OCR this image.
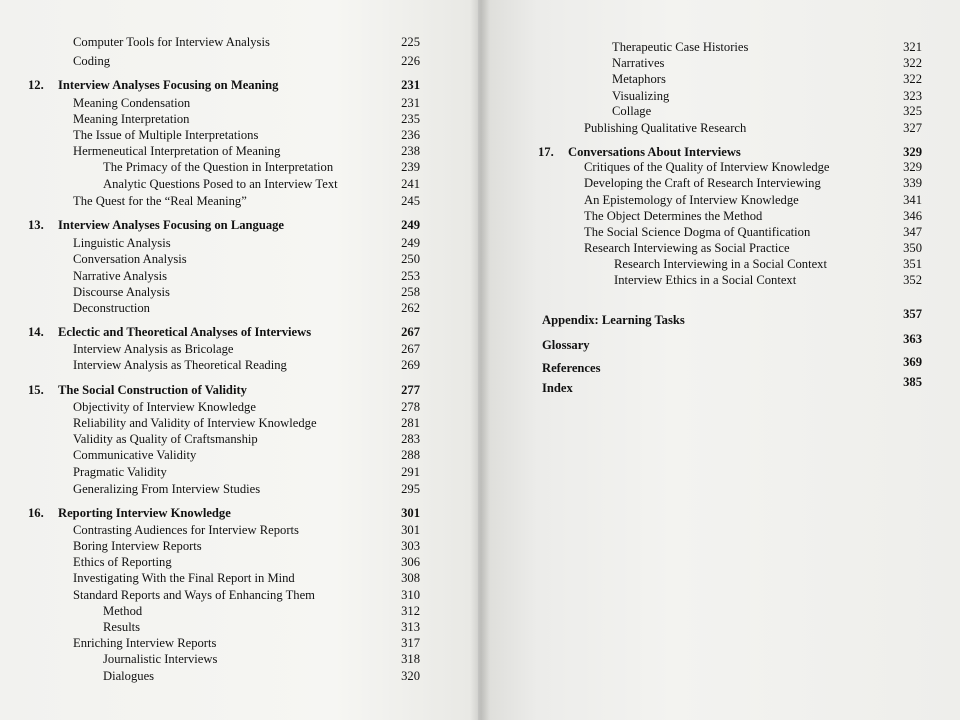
Computer Tools for Interview Analysis	225
Coding	226
12. Interview Analyses Focusing on Meaning	231
Meaning Condensation	231
Meaning Interpretation	235
The Issue of Multiple Interpretations	236
Hermeneutical Interpretation of Meaning	238
The Primacy of the Question in Interpretation	239
Analytic Questions Posed to an Interview Text	241
The Quest for the “Real Meaning”	245
13. Interview Analyses Focusing on Language	249
Linguistic Analysis	249
Conversation Analysis	250
Narrative Analysis	253
Discourse Analysis	258
Deconstruction	262
14. Eclectic and Theoretical Analyses of Interviews	267
Interview Analysis as Bricolage	267
Interview Analysis as Theoretical Reading	269
15. The Social Construction of Validity	277
Objectivity of Interview Knowledge	278
Reliability and Validity of Interview Knowledge	281
Validity as Quality of Craftsmanship	283
Communicative Validity	288
Pragmatic Validity	291
Generalizing From Interview Studies	295
16. Reporting Interview Knowledge	301
Contrasting Audiences for Interview Reports	301
Boring Interview Reports	303
Ethics of Reporting	306
Investigating With the Final Report in Mind	308
Standard Reports and Ways of Enhancing Them	310
Method	312
Results	313
Enriching Interview Reports	317
Journalistic Interviews	318
Dialogues	320
Therapeutic Case Histories	321
Narratives	322
Metaphors	322
Visualizing	323
Collage	325
Publishing Qualitative Research	327
17. Conversations About Interviews	329
Critiques of the Quality of Interview Knowledge	329
Developing the Craft of Research Interviewing	339
An Epistemology of Interview Knowledge	341
The Object Determines the Method	346
The Social Science Dogma of Quantification	347
Research Interviewing as Social Practice	350
Research Interviewing in a Social Context	351
Interview Ethics in a Social Context	352
Appendix: Learning Tasks	357
Glossary	363
References	369
Index	385
